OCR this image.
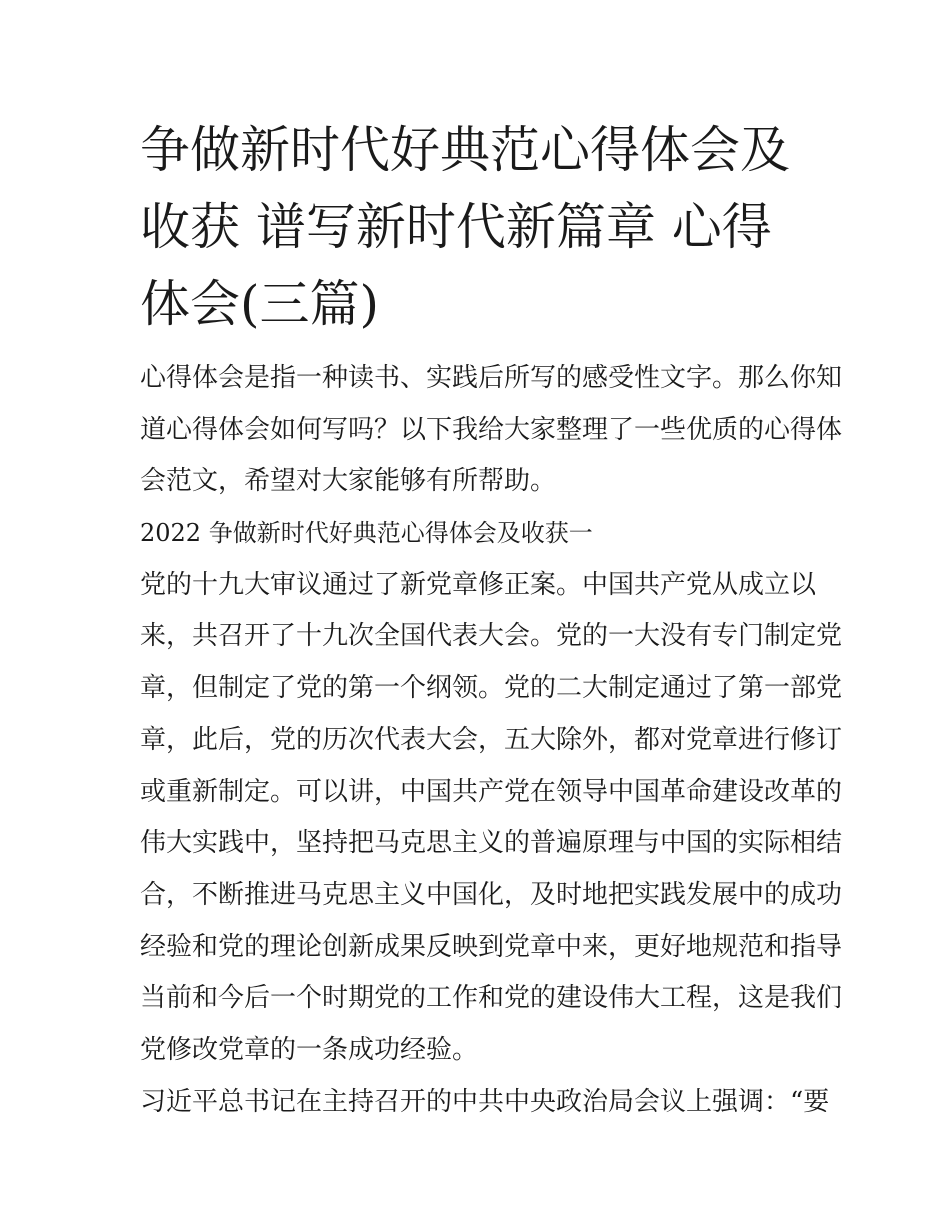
争做新时代好典范心得体会及
收获 谱写新时代新篇章 心得
体会(三篇)
心得体会是指一种读书、实践后所写的感受性文字。那么你知
道心得体会如何写吗？以下我给大家整理了一些优质的心得体
会范文，希望对大家能够有所帮助。
2022 争做新时代好典范心得体会及收获一
党的十九大审议通过了新党章修正案。中国共产党从成立以
来，共召开了十九次全国代表大会。党的一大没有专门制定党
章，但制定了党的第一个纲领。党的二大制定通过了第一部党
章，此后，党的历次代表大会，五大除外，都对党章进行修订
或重新制定。可以讲，中国共产党在领导中国革命建设改革的
伟大实践中，坚持把马克思主义的普遍原理与中国的实际相结
合，不断推进马克思主义中国化，及时地把实践发展中的成功
经验和党的理论创新成果反映到党章中来，更好地规范和指导
当前和今后一个时期党的工作和党的建设伟大工程，这是我们
党修改党章的一条成功经验。
习近平总书记在主持召开的中共中央政治局会议上强调：“要
